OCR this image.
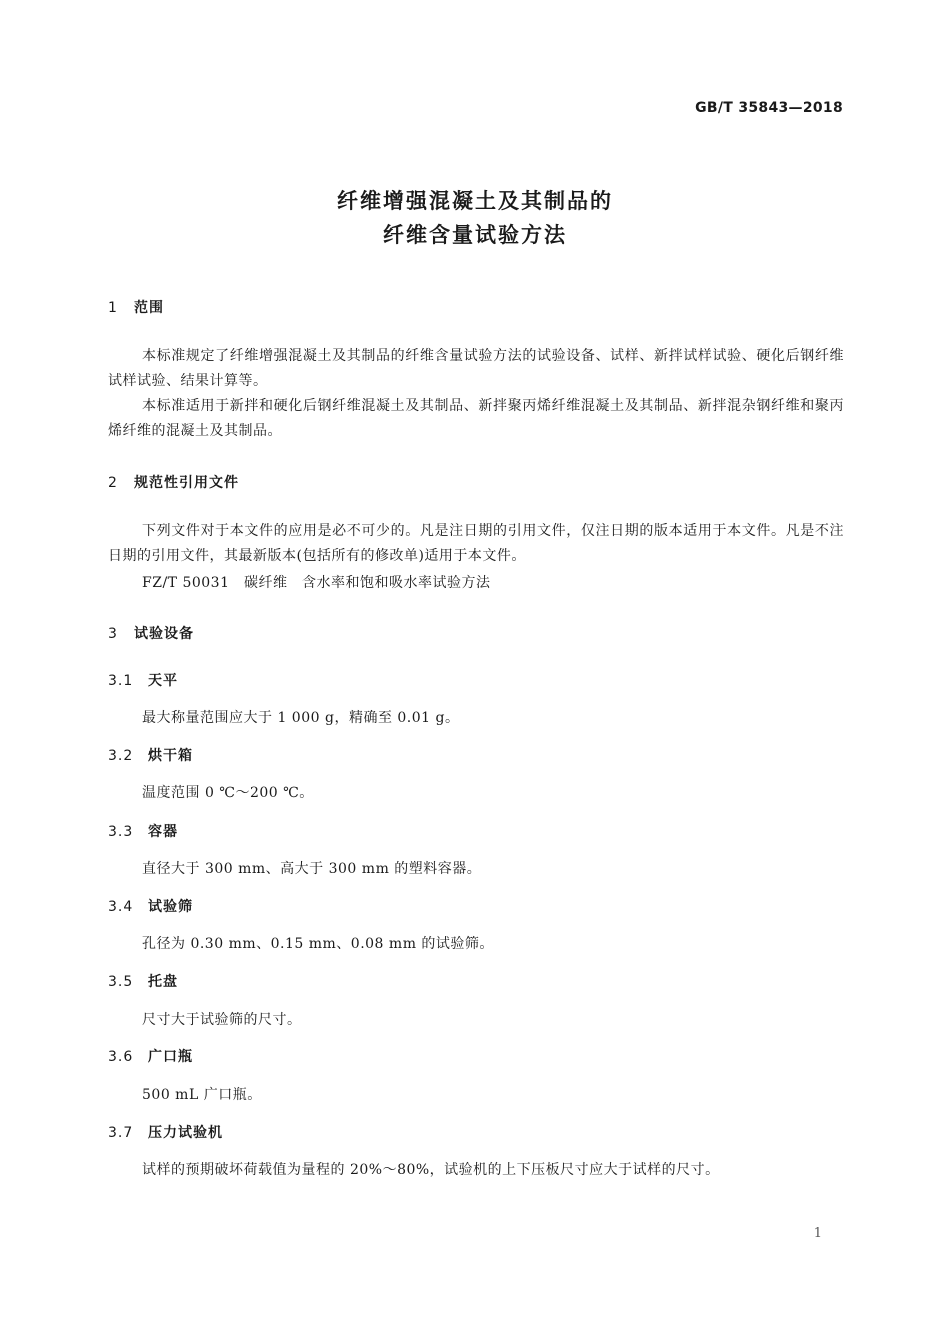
GB/T 35843—2018
纤维增强混凝土及其制品的
纤维含量试验方法
1 范围
本标准规定了纤维增强混凝土及其制品的纤维含量试验方法的试验设备、试样、新拌试样试验、硬化后钢纤维试样试验、结果计算等。
本标准适用于新拌和硬化后钢纤维混凝土及其制品、新拌聚丙烯纤维混凝土及其制品、新拌混杂钢纤维和聚丙烯纤维的混凝土及其制品。
2 规范性引用文件
下列文件对于本文件的应用是必不可少的。凡是注日期的引用文件，仅注日期的版本适用于本文件。凡是不注日期的引用文件，其最新版本(包括所有的修改单)适用于本文件。
FZ/T 50031　碳纤维　含水率和饱和吸水率试验方法
3 试验设备
3.1 天平
最大称量范围应大于 1 000 g，精确至 0.01 g。
3.2 烘干箱
温度范围 0 ℃～200 ℃。
3.3 容器
直径大于 300 mm、高大于 300 mm 的塑料容器。
3.4 试验筛
孔径为 0.30 mm、0.15 mm、0.08 mm 的试验筛。
3.5 托盘
尺寸大于试验筛的尺寸。
3.6 广口瓶
500 mL 广口瓶。
3.7 压力试验机
试样的预期破坏荷载值为量程的 20%～80%，试验机的上下压板尺寸应大于试样的尺寸。
1
